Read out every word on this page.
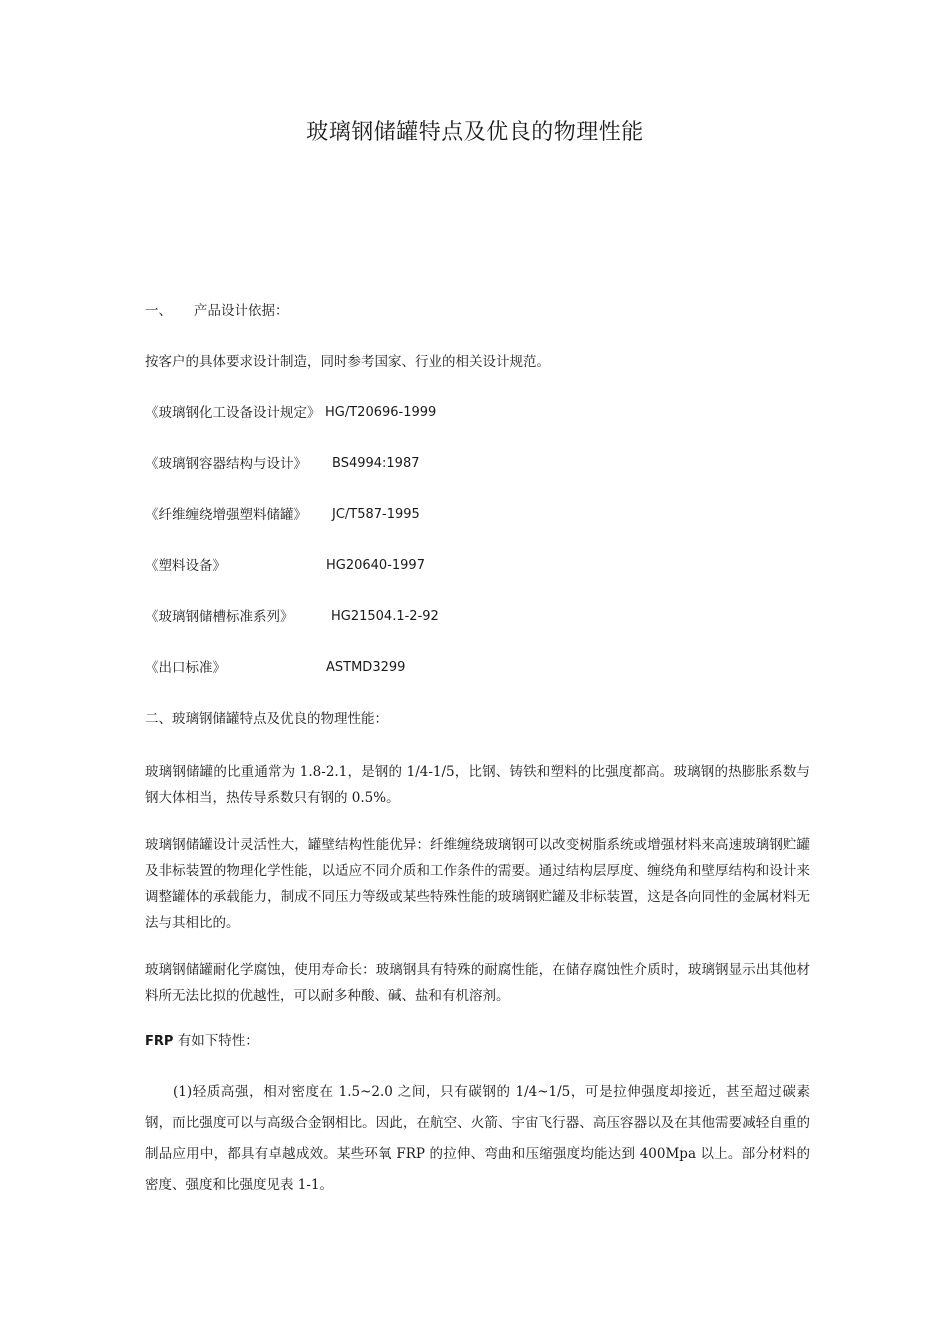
玻璃钢储罐特点及优良的物理性能
一、 产品设计依据：
按客户的具体要求设计制造，同时参考国家、行业的相关设计规范。
《玻璃钢化工设备设计规定》 HG/T20696-1999
《玻璃钢容器结构与设计》	BS4994:1987
《纤维缠绕增强塑料储罐》	JC/T587-1995
《塑料设备》	HG20640-1997
《玻璃钢储槽标准系列》	HG21504.1-2-92
《出口标准》	ASTMD3299
二、玻璃钢储罐特点及优良的物理性能：
玻璃钢储罐的比重通常为 1.8-2.1，是钢的 1/4-1/5，比钢、铸铁和塑料的比强度都高。玻璃钢的热膨胀系数与钢大体相当，热传导系数只有钢的 0.5%。
玻璃钢储罐设计灵活性大，罐壁结构性能优异：纤维缠绕玻璃钢可以改变树脂系统或增强材料来高速玻璃钢贮罐及非标装置的物理化学性能，以适应不同介质和工作条件的需要。通过结构层厚度、缠绕角和壁厚结构和设计来调整罐体的承载能力，制成不同压力等级或某些特殊性能的玻璃钢贮罐及非标装置，这是各向同性的金属材料无法与其相比的。
玻璃钢储罐耐化学腐蚀，使用寿命长：玻璃钢具有特殊的耐腐性能，在储存腐蚀性介质时，玻璃钢显示出其他材料所无法比拟的优越性，可以耐多种酸、碱、盐和有机溶剂。
FRP 有如下特性：
(1)轻质高强，相对密度在 1.5~2.0 之间，只有碳钢的 1/4~1/5，可是拉伸强度却接近，甚至超过碳素钢，而比强度可以与高级合金钢相比。因此，在航空、火箭、宇宙飞行器、高压容器以及在其他需要减轻自重的制品应用中，都具有卓越成效。某些环氧 FRP 的拉伸、弯曲和压缩强度均能达到 400Mpa 以上。部分材料的密度、强度和比强度见表 1-1。
